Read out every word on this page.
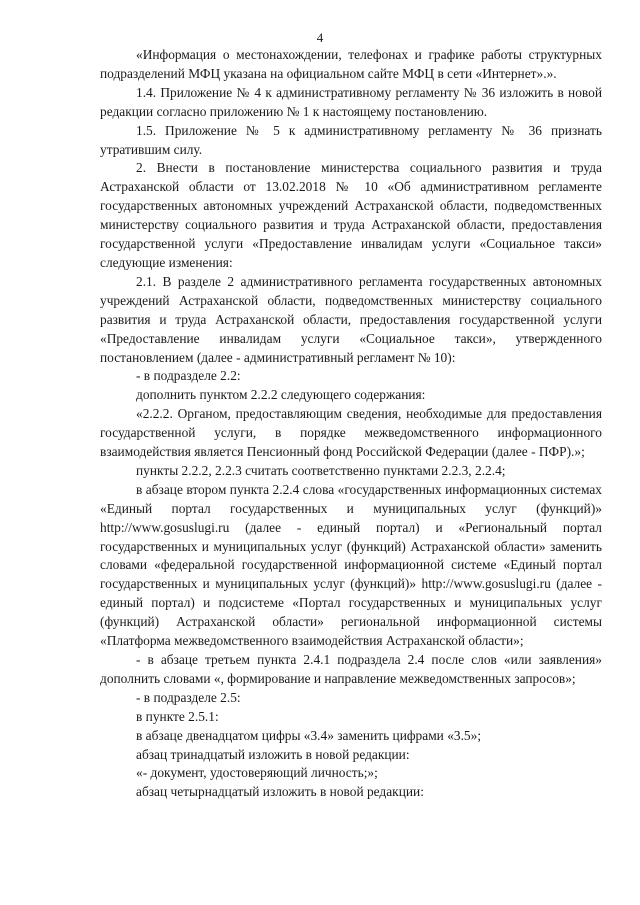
4

«Информация о местонахождении, телефонах и графике работы структурных подразделений МФЦ указана на официальном сайте МФЦ в сети «Интернет».».

1.4. Приложение № 4 к административному регламенту № 36 изложить в новой редакции согласно приложению № 1 к настоящему постановлению.

1.5. Приложение № 5 к административному регламенту № 36 признать утратившим силу.

2. Внести в постановление министерства социального развития и труда Астраханской области от 13.02.2018 № 10 «Об административном регламенте государственных автономных учреждений Астраханской области, подведомственных министерству социального развития и труда Астраханской области, предоставления государственной услуги «Предоставление инвалидам услуги «Социальное такси» следующие изменения:

2.1. В разделе 2 административного регламента государственных автономных учреждений Астраханской области, подведомственных министерству социального развития и труда Астраханской области, предоставления государственной услуги «Предоставление инвалидам услуги «Социальное такси», утвержденного постановлением (далее - административный регламент № 10):

- в подразделе 2.2:

дополнить пунктом 2.2.2 следующего содержания:

«2.2.2. Органом, предоставляющим сведения, необходимые для предоставления государственной услуги, в порядке межведомственного информационного взаимодействия является Пенсионный фонд Российской Федерации (далее - ПФР).»;

пункты 2.2.2, 2.2.3 считать соответственно пунктами 2.2.3, 2.2.4;

в абзаце втором пункта 2.2.4 слова «государственных информационных системах «Единый портал государственных и муниципальных услуг (функций)» http://www.gosuslugi.ru (далее - единый портал) и «Региональный портал государственных и муниципальных услуг (функций) Астраханской области» заменить словами «федеральной государственной информационной системе «Единый портал государственных и муниципальных услуг (функций)» http://www.gosuslugi.ru (далее - единый портал) и подсистеме «Портал государственных и муниципальных услуг (функций) Астраханской области» региональной информационной системы «Платформа межведомственного взаимодействия Астраханской области»;

- в абзаце третьем пункта 2.4.1 подраздела 2.4 после слов «или заявления» дополнить словами «, формирование и направление межведомственных запросов»;

- в подразделе 2.5:

в пункте 2.5.1:

в абзаце двенадцатом цифры «3.4» заменить цифрами «3.5»;

абзац тринадцатый изложить в новой редакции:

«- документ, удостоверяющий личность;»;

абзац четырнадцатый изложить в новой редакции:
